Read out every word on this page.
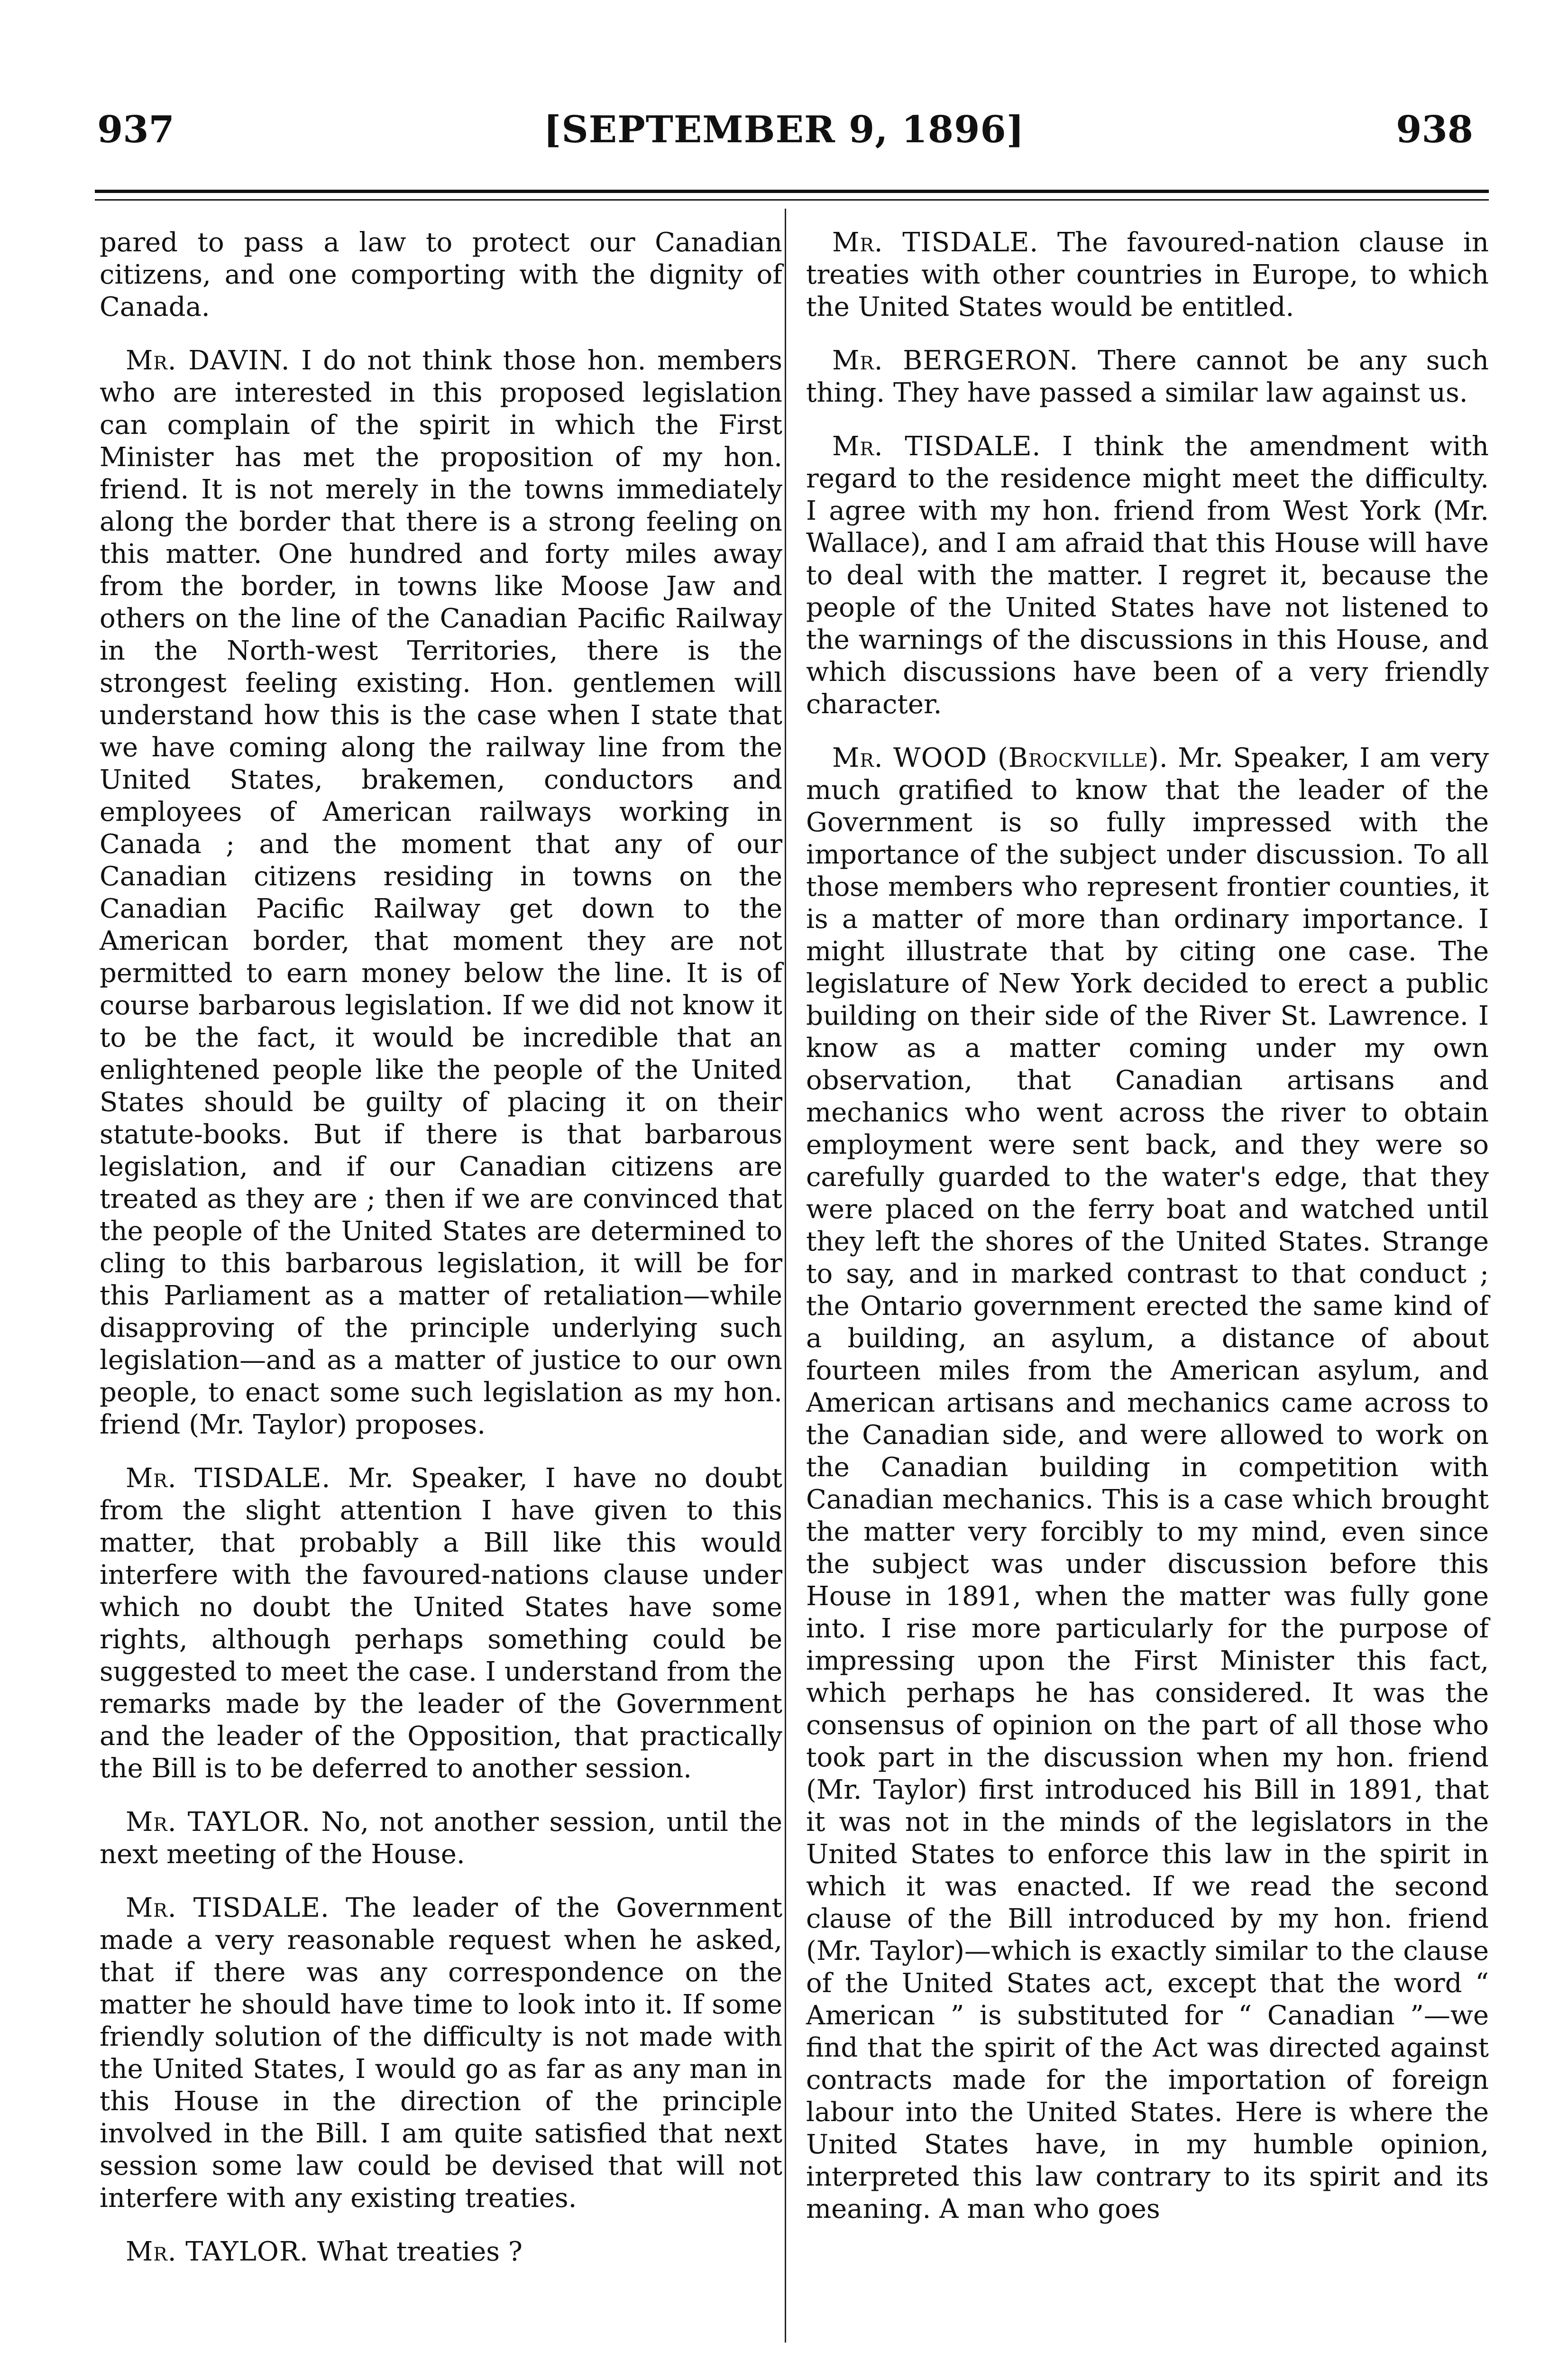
937	[SEPTEMBER 9, 1896]	938

pared to pass a law to protect our Canadian citizens, and one comporting with the dignity of Canada.

Mr. DAVIN. I do not think those hon. members who are interested in this proposed legislation can complain of the spirit in which the First Minister has met the proposition of my hon. friend. It is not merely in the towns immediately along the border that there is a strong feeling on this matter. One hundred and forty miles away from the border, in towns like Moose Jaw and others on the line of the Canadian Pacific Railway in the North-west Territories, there is the strongest feeling existing. Hon. gentlemen will understand how this is the case when I state that we have coming along the railway line from the United States, brakemen, conductors and employees of American railways working in Canada ; and the moment that any of our Canadian citizens residing in towns on the Canadian Pacific Railway get down to the American border, that moment they are not permitted to earn money below the line. It is of course barbarous legislation. If we did not know it to be the fact, it would be incredible that an enlightened people like the people of the United States should be guilty of placing it on their statute-books. But if there is that barbarous legislation, and if our Canadian citizens are treated as they are ; then if we are convinced that the people of the United States are determined to cling to this barbarous legislation, it will be for this Parliament as a matter of retaliation—while disapproving of the principle underlying such legislation—and as a matter of justice to our own people, to enact some such legislation as my hon. friend (Mr. Taylor) proposes.

Mr. TISDALE. Mr. Speaker, I have no doubt from the slight attention I have given to this matter, that probably a Bill like this would interfere with the favoured-nations clause under which no doubt the United States have some rights, although perhaps something could be suggested to meet the case. I understand from the remarks made by the leader of the Government and the leader of the Opposition, that practically the Bill is to be deferred to another session.

Mr. TAYLOR. No, not another session, until the next meeting of the House.

Mr. TISDALE. The leader of the Government made a very reasonable request when he asked, that if there was any correspondence on the matter he should have time to look into it. If some friendly solution of the difficulty is not made with the United States, I would go as far as any man in this House in the direction of the principle involved in the Bill. I am quite satisfied that next session some law could be devised that will not interfere with any existing treaties.

Mr. TAYLOR. What treaties ?

Mr. TISDALE. The favoured-nation clause in treaties with other countries in Europe, to which the United States would be entitled.

Mr. BERGERON. There cannot be any such thing. They have passed a similar law against us.

Mr. TISDALE. I think the amendment with regard to the residence might meet the difficulty. I agree with my hon. friend from West York (Mr. Wallace), and I am afraid that this House will have to deal with the matter. I regret it, because the people of the United States have not listened to the warnings of the discussions in this House, and which discussions have been of a very friendly character.

Mr. WOOD (Brockville). Mr. Speaker, I am very much gratified to know that the leader of the Government is so fully impressed with the importance of the subject under discussion. To all those members who represent frontier counties, it is a matter of more than ordinary importance. I might illustrate that by citing one case. The legislature of New York decided to erect a public building on their side of the River St. Lawrence. I know as a matter coming under my own observation, that Canadian artisans and mechanics who went across the river to obtain employment were sent back, and they were so carefully guarded to the water's edge, that they were placed on the ferry boat and watched until they left the shores of the United States. Strange to say, and in marked contrast to that conduct ; the Ontario government erected the same kind of a building, an asylum, a distance of about fourteen miles from the American asylum, and American artisans and mechanics came across to the Canadian side, and were allowed to work on the Canadian building in competition with Canadian mechanics. This is a case which brought the matter very forcibly to my mind, even since the subject was under discussion before this House in 1891, when the matter was fully gone into. I rise more particularly for the purpose of impressing upon the First Minister this fact, which perhaps he has considered. It was the consensus of opinion on the part of all those who took part in the discussion when my hon. friend (Mr. Taylor) first introduced his Bill in 1891, that it was not in the minds of the legislators in the United States to enforce this law in the spirit in which it was enacted. If we read the second clause of the Bill introduced by my hon. friend (Mr. Taylor)—which is exactly similar to the clause of the United States act, except that the word “ American ” is substituted for “ Canadian ”—we find that the spirit of the Act was directed against contracts made for the importation of foreign labour into the United States. Here is where the United States have, in my humble opinion, interpreted this law contrary to its spirit and its meaning. A man who goes
